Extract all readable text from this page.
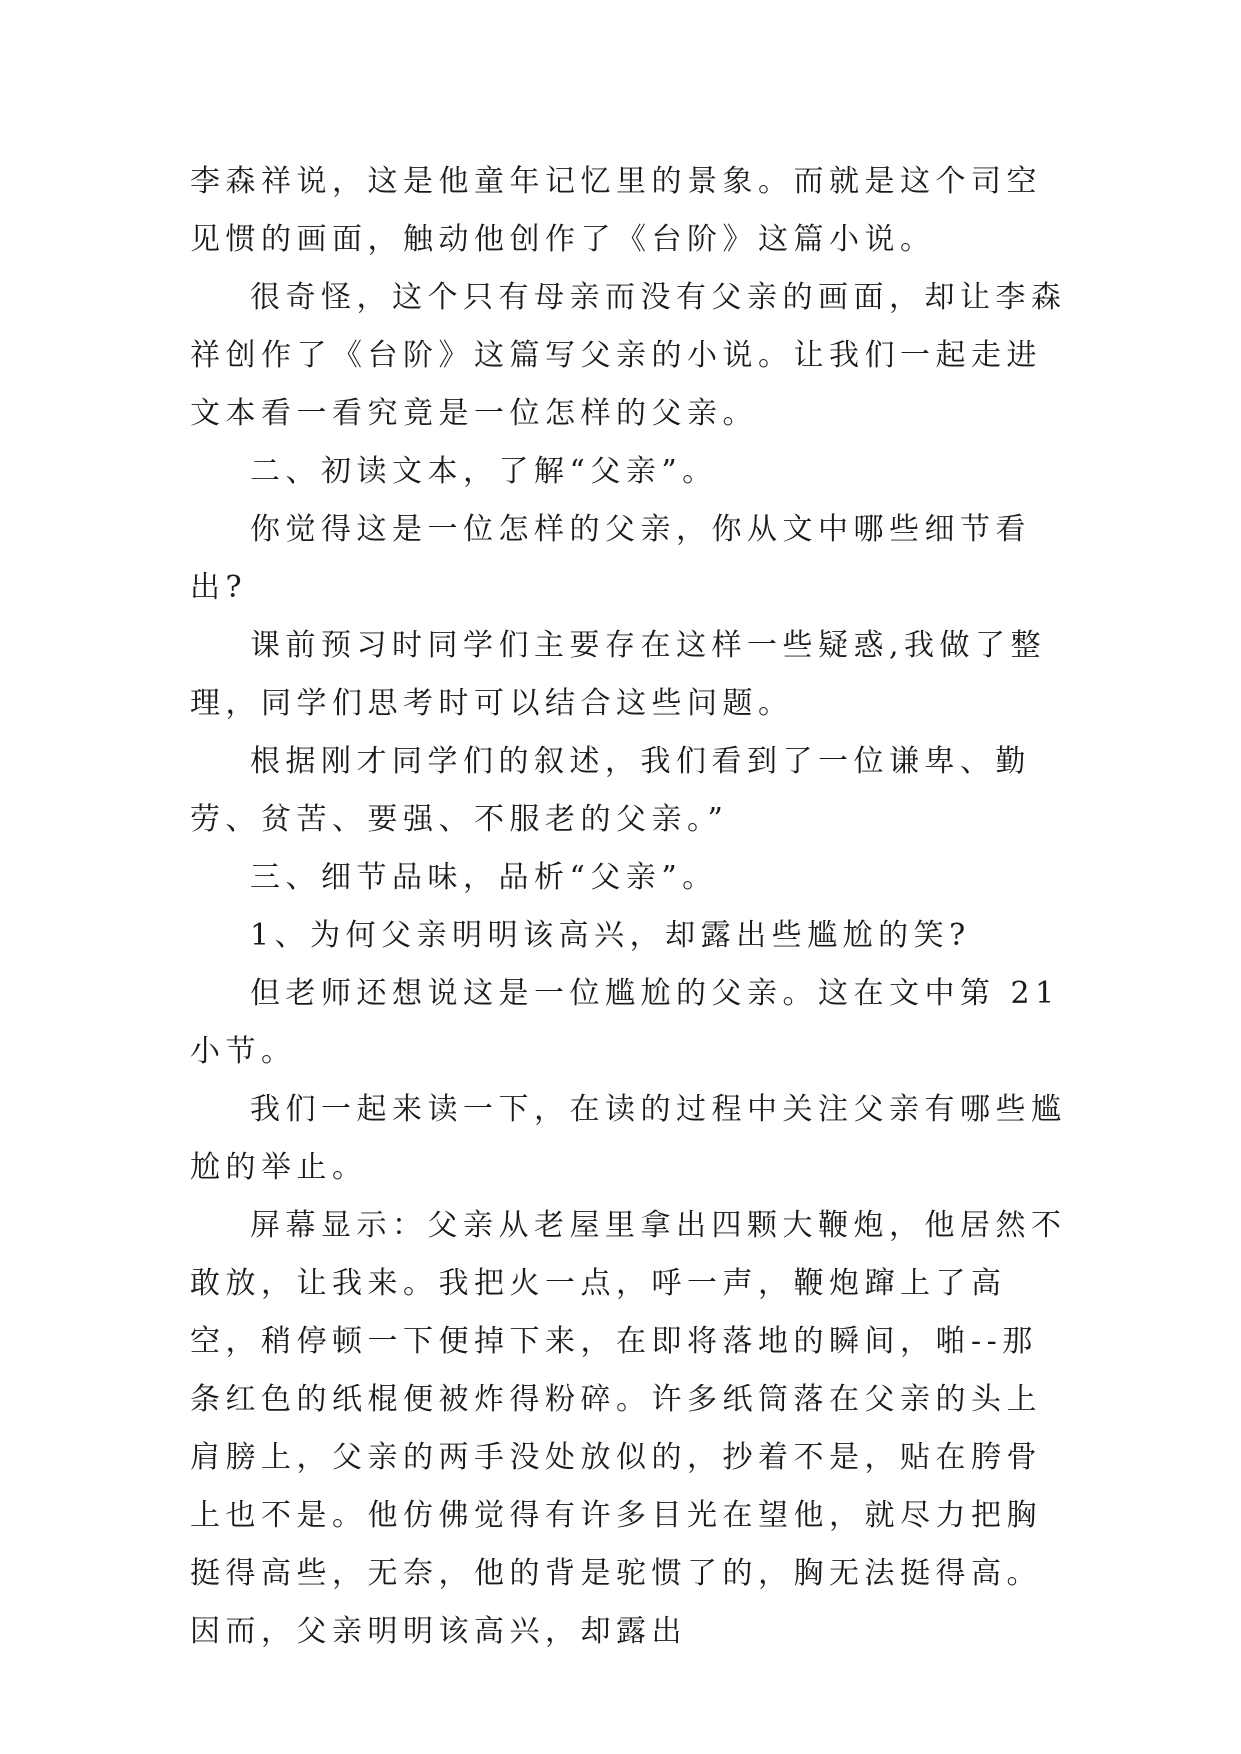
李森祥说，这是他童年记忆里的景象。而就是这个司空见惯的画面，触动他创作了《台阶》这篇小说。

很奇怪，这个只有母亲而没有父亲的画面，却让李森祥创作了《台阶》这篇写父亲的小说。让我们一起走进文本看一看究竟是一位怎样的父亲。

二、初读文本，了解“父亲”。

你觉得这是一位怎样的父亲，你从文中哪些细节看出?

课前预习时同学们主要存在这样一些疑惑,我做了整理，同学们思考时可以结合这些问题。

根据刚才同学们的叙述，我们看到了一位谦卑、勤劳、贫苦、要强、不服老的父亲。”

三、细节品味，品析“父亲”。

1、为何父亲明明该高兴，却露出些尴尬的笑?

但老师还想说这是一位尴尬的父亲。这在文中第 21 小节。

我们一起来读一下，在读的过程中关注父亲有哪些尴尬的举止。

屏幕显示：父亲从老屋里拿出四颗大鞭炮，他居然不敢放，让我来。我把火一点，呼一声，鞭炮蹿上了高空，稍停顿一下便掉下来，在即将落地的瞬间，啪--那条红色的纸棍便被炸得粉碎。许多纸筒落在父亲的头上肩膀上，父亲的两手没处放似的，抄着不是，贴在胯骨上也不是。他仿佛觉得有许多目光在望他，就尽力把胸挺得高些，无奈，他的背是驼惯了的，胸无法挺得高。因而，父亲明明该高兴，却露出
